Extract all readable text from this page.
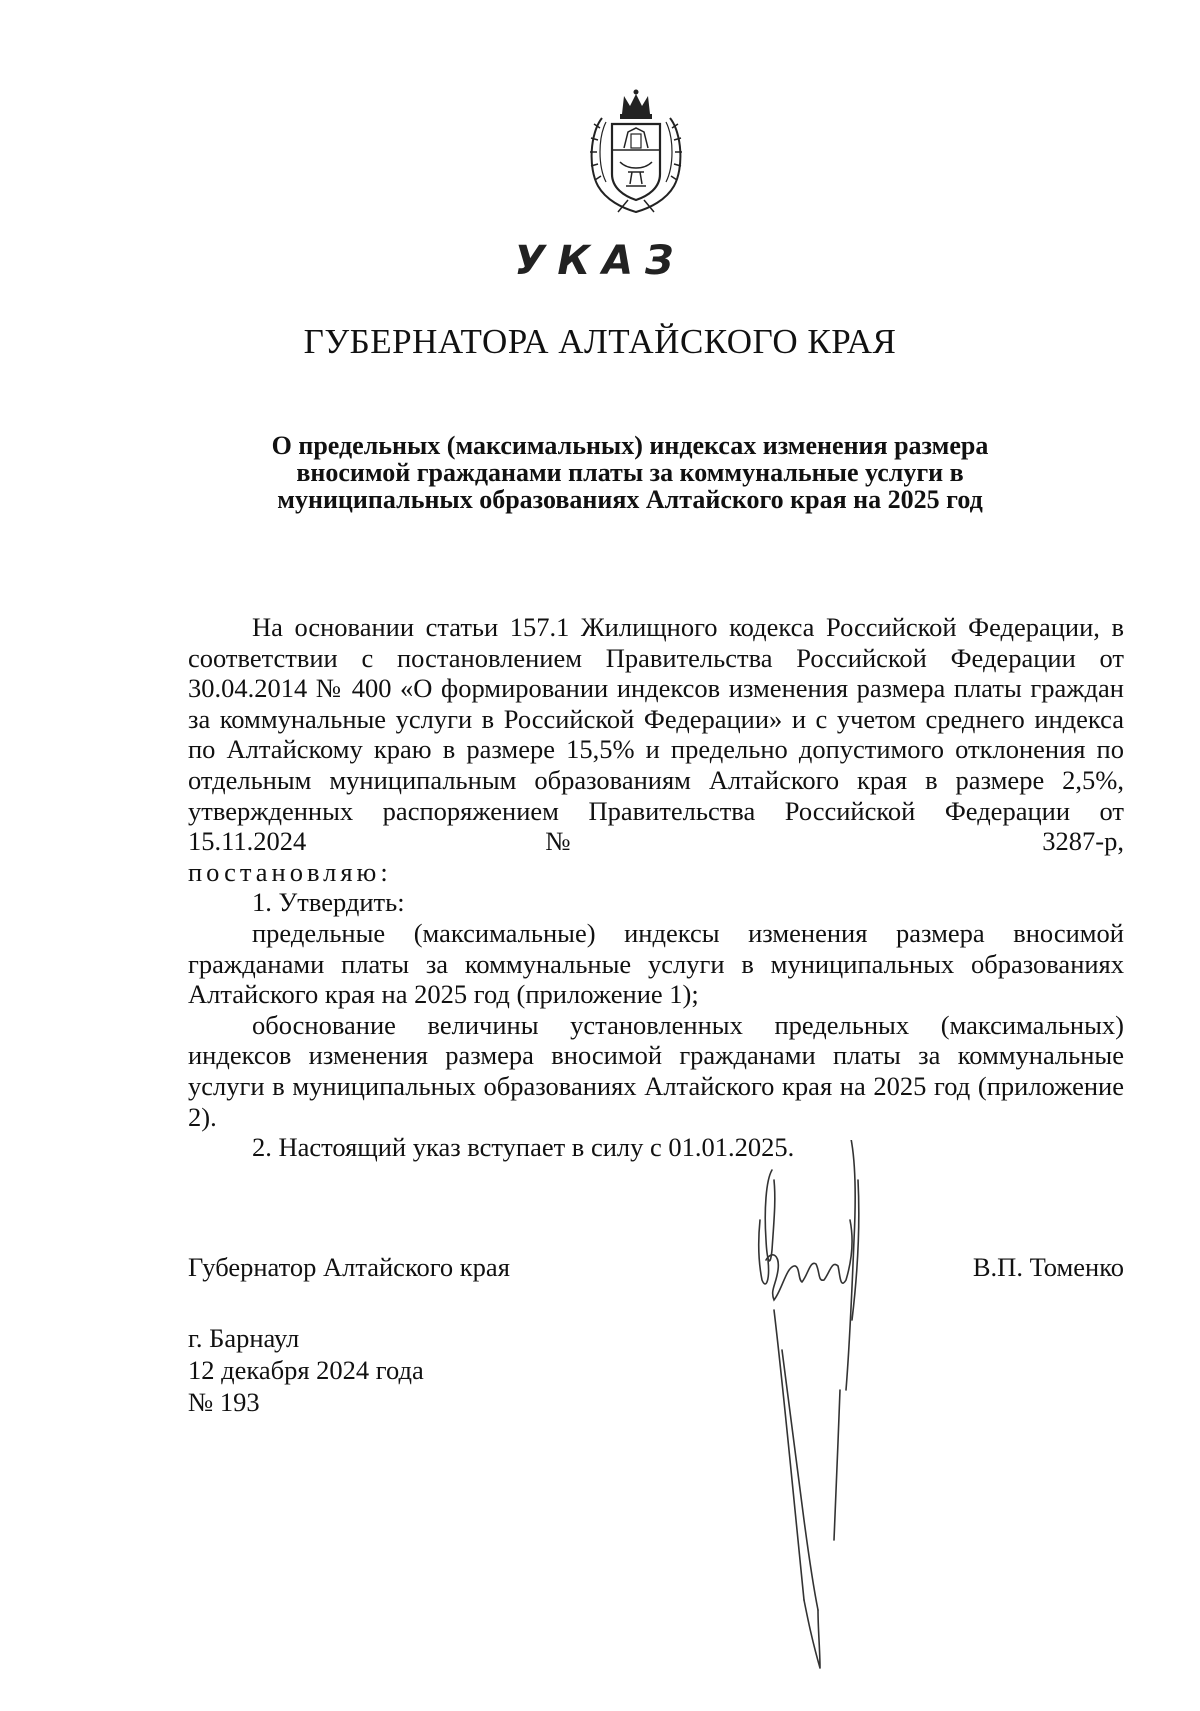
УКАЗ
ГУБЕРНАТОРА АЛТАЙСКОГО КРАЯ
О предельных (максимальных) индексах изменения размера
вносимой гражданами платы за коммунальные услуги в
муниципальных образованиях Алтайского края на 2025 год

На основании статьи 157.1 Жилищного кодекса Российской Федерации, в соответствии с постановлением Правительства Российской Федерации от 30.04.2014 № 400 «О формировании индексов изменения размера платы граждан за коммунальные услуги в Российской Федерации» и с учетом среднего индекса по Алтайскому краю в размере 15,5% и предельно допустимого отклонения по отдельным муниципальным образованиям Алтайского края в размере 2,5%, утвержденных распоряжением Правительства Российской Федерации от 15.11.2024 № 3287-р,

постановляю:

1. Утвердить:

предельные (максимальные) индексы изменения размера вносимой гражданами платы за коммунальные услуги в муниципальных образованиях Алтайского края на 2025 год (приложение 1);

обоснование величины установленных предельных (максимальных) индексов изменения размера вносимой гражданами платы за коммунальные услуги в муниципальных образованиях Алтайского края на 2025 год (приложение 2).

2. Настоящий указ вступает в силу с 01.01.2025.

Губернатор Алтайского края	В.П. Томенко
г. Барнаул
12 декабря 2024 года
№ 193
